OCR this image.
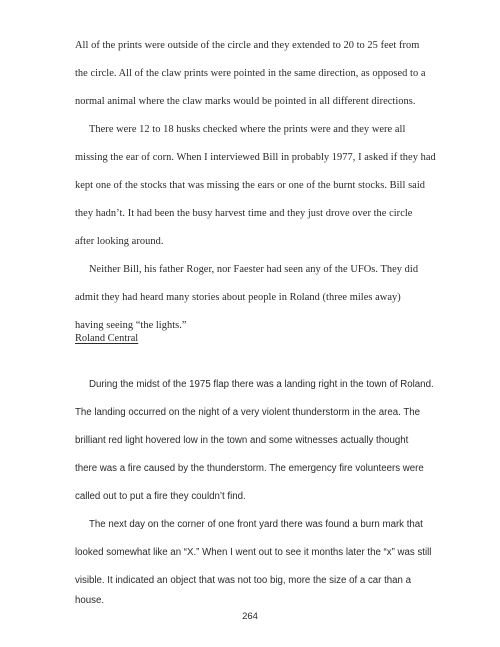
All of the prints were outside of the circle and they extended to 20 to 25 feet from
the circle. All of the claw prints were pointed in the same direction, as opposed to a
normal animal where the claw marks would be pointed in all different directions.
There were 12 to 18 husks checked where the prints were and they were all
missing the ear of corn. When I interviewed Bill in probably 1977, I asked if they had
kept one of the stocks that was missing the ears or one of the burnt stocks. Bill said
they hadn’t. It had been the busy harvest time and they just drove over the circle
after looking around.
Neither Bill, his father Roger, nor Faester had seen any of the UFOs. They did
admit they had heard many stories about people in Roland (three miles away)
having seeing “the lights.”
Roland Central
During the midst of the 1975 flap there was a landing right in the town of Roland.
The landing occurred on the night of a very violent thunderstorm in the area. The
brilliant red light hovered low in the town and some witnesses actually thought
there was a fire caused by the thunderstorm. The emergency fire volunteers were
called out to put a fire they couldn’t find.
The next day on the corner of one front yard there was found a burn mark that
looked somewhat like an “X.” When I went out to see it months later the “x” was still
visible. It indicated an object that was not too big, more the size of a car than a
house.
264
